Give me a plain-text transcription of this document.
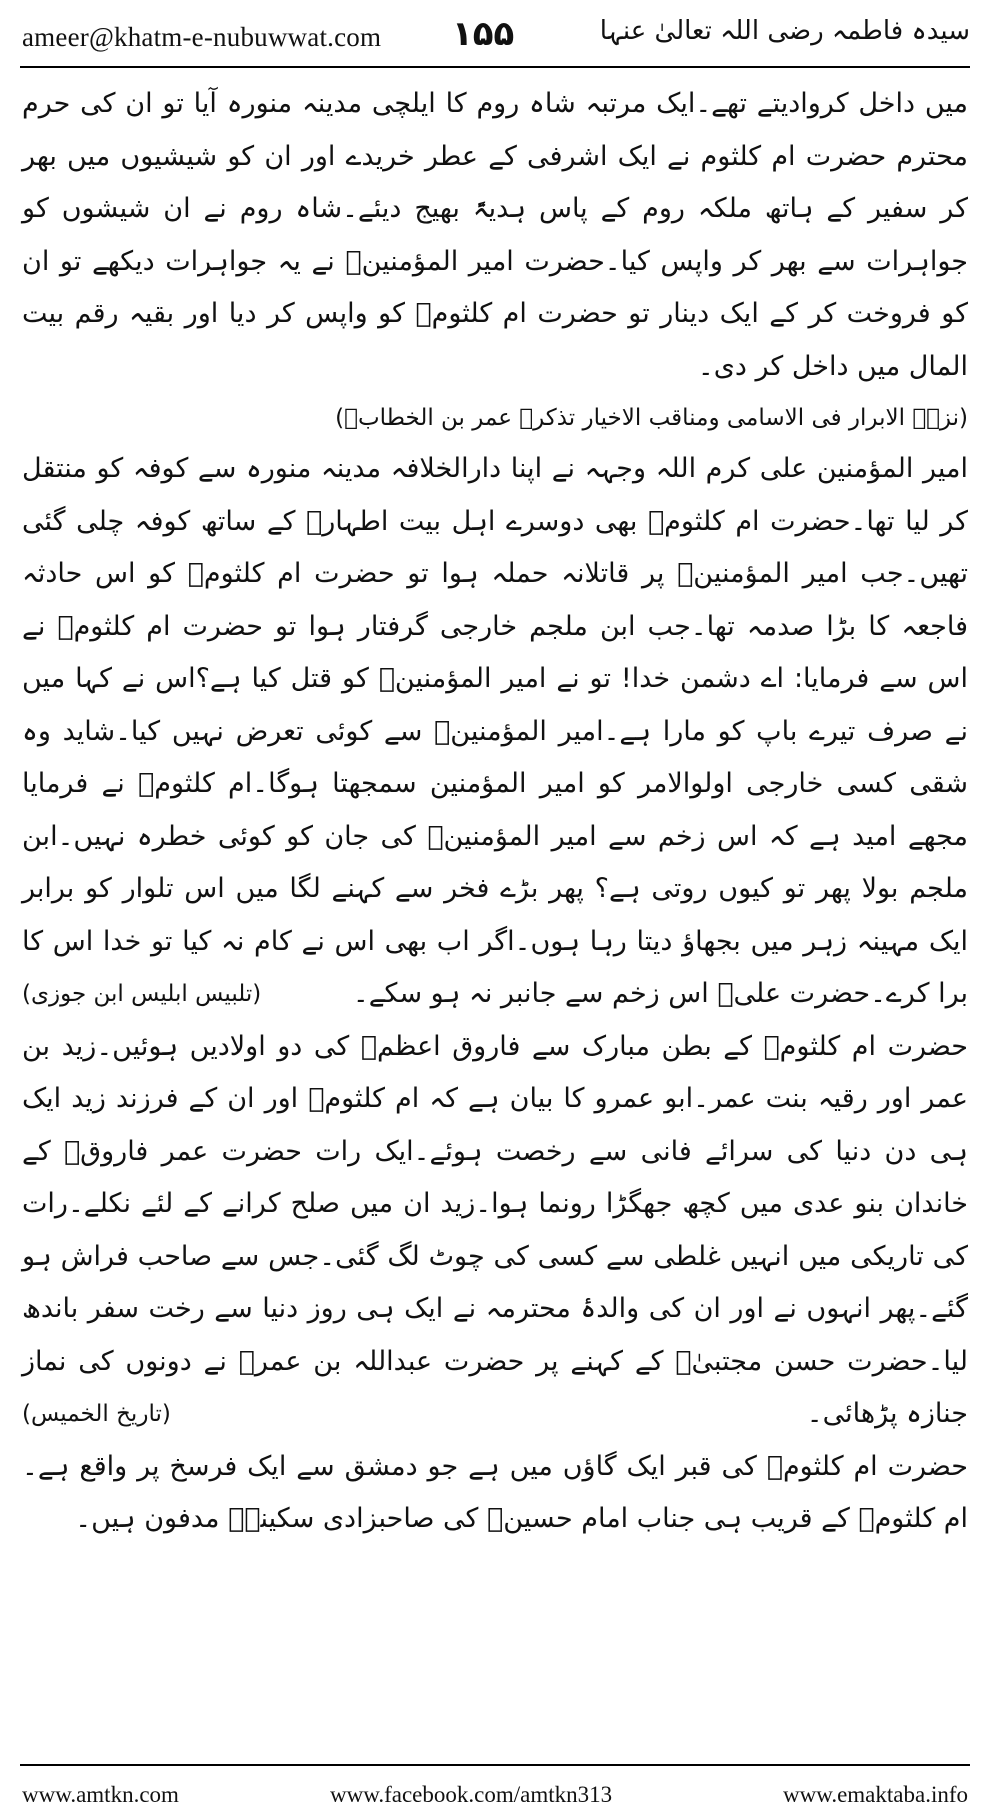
ameer@khatm-e-nubuwwat.com ۱۵۵	سیدہ فاطمہ رضی اللہ تعالیٰ عنہا

میں داخل کروادیتے تھے۔ایک مرتبہ شاہ روم کا ایلچی مدینہ منورہ آیا تو ان کی حرم محترم حضرت ام کلثوم نے ایک اشرفی کے عطر خریدے اور ان کو شیشیوں میں بھر کر سفیر کے ہاتھ ملکہ روم کے پاس ہدیۃً بھیج دیئے۔شاہ روم نے ان شیشوں کو جواہرات سے بھر کر واپس کیا۔حضرت امیر المؤمنینؓ نے یہ جواہرات دیکھے تو ان کو فروخت کر کے ایک دینار تو حضرت ام کلثومؓ کو واپس کر دیا اور بقیہ رقم بیت المال میں داخل کر دی۔

(نزہۃ الابرار فی الاسامی ومناقب الاخیار تذکرہ عمر بن الخطابؓ)

امیر المؤمنین علی کرم اللہ وجہہ نے اپنا دارالخلافہ مدینہ منورہ سے کوفہ کو منتقل کر لیا تھا۔حضرت ام کلثومؓ بھی دوسرے اہل بیت اطہارؓ کے ساتھ کوفہ چلی گئی تھیں۔جب امیر المؤمنینؓ پر قاتلانہ حملہ ہوا تو حضرت ام کلثومؓ کو اس حادثہ فاجعہ کا بڑا صدمہ تھا۔جب ابن ملجم خارجی گرفتار ہوا تو حضرت ام کلثومؓ نے اس سے فرمایا: اے دشمن خدا! تو نے امیر المؤمنینؓ کو قتل کیا ہے؟اس نے کہا میں نے صرف تیرے باپ کو مارا ہے۔امیر المؤمنینؓ سے کوئی تعرض نہیں کیا۔شاید وہ شقی کسی خارجی اولوالامر کو امیر المؤمنین سمجھتا ہوگا۔ام کلثومؓ نے فرمایا مجھے امید ہے کہ اس زخم سے امیر المؤمنینؓ کی جان کو کوئی خطرہ نہیں۔ابن ملجم بولا پھر تو کیوں روتی ہے؟ پھر بڑے فخر سے کہنے لگا میں اس تلوار کو برابر ایک مہینہ زہر میں بجھاؤ دیتا رہا ہوں۔اگر اب بھی اس نے کام نہ کیا تو خدا اس کا برا کرے۔حضرت علیؓ اس زخم سے جانبر نہ ہو سکے۔
(تلبیس ابلیس ابن جوزی)

حضرت ام کلثومؓ کے بطن مبارک سے فاروق اعظمؓ کی دو اولادیں ہوئیں۔زید بن عمر اور رقیہ بنت عمر۔ابو عمرو کا بیان ہے کہ ام کلثومؓ اور ان کے فرزند زید ایک ہی دن دنیا کی سرائے فانی سے رخصت ہوئے۔ایک رات حضرت عمر فاروقؓ کے خاندان بنو عدی میں کچھ جھگڑا رونما ہوا۔زید ان میں صلح کرانے کے لئے نکلے۔رات کی تاریکی میں انہیں غلطی سے کسی کی چوٹ لگ گئی۔جس سے صاحب فراش ہو گئے۔پھر انہوں نے اور ان کی والدۂ محترمہ نے ایک ہی روز دنیا سے رخت سفر باندھ لیا۔حضرت حسن مجتبیٰؓ کے کہنے پر حضرت عبداللہ بن عمرؓ نے دونوں کی نماز جنازہ پڑھائی۔
(تاریخ الخمیس)

حضرت ام کلثومؓ کی قبر ایک گاؤں میں ہے جو دمشق سے ایک فرسخ پر واقع ہے۔ام کلثومؓ کے قریب ہی جناب امام حسینؓ کی صاحبزادی سکینہؓ مدفون ہیں۔

www.amtkn.com	www.facebook.com/amtkn313	www.emaktaba.info
